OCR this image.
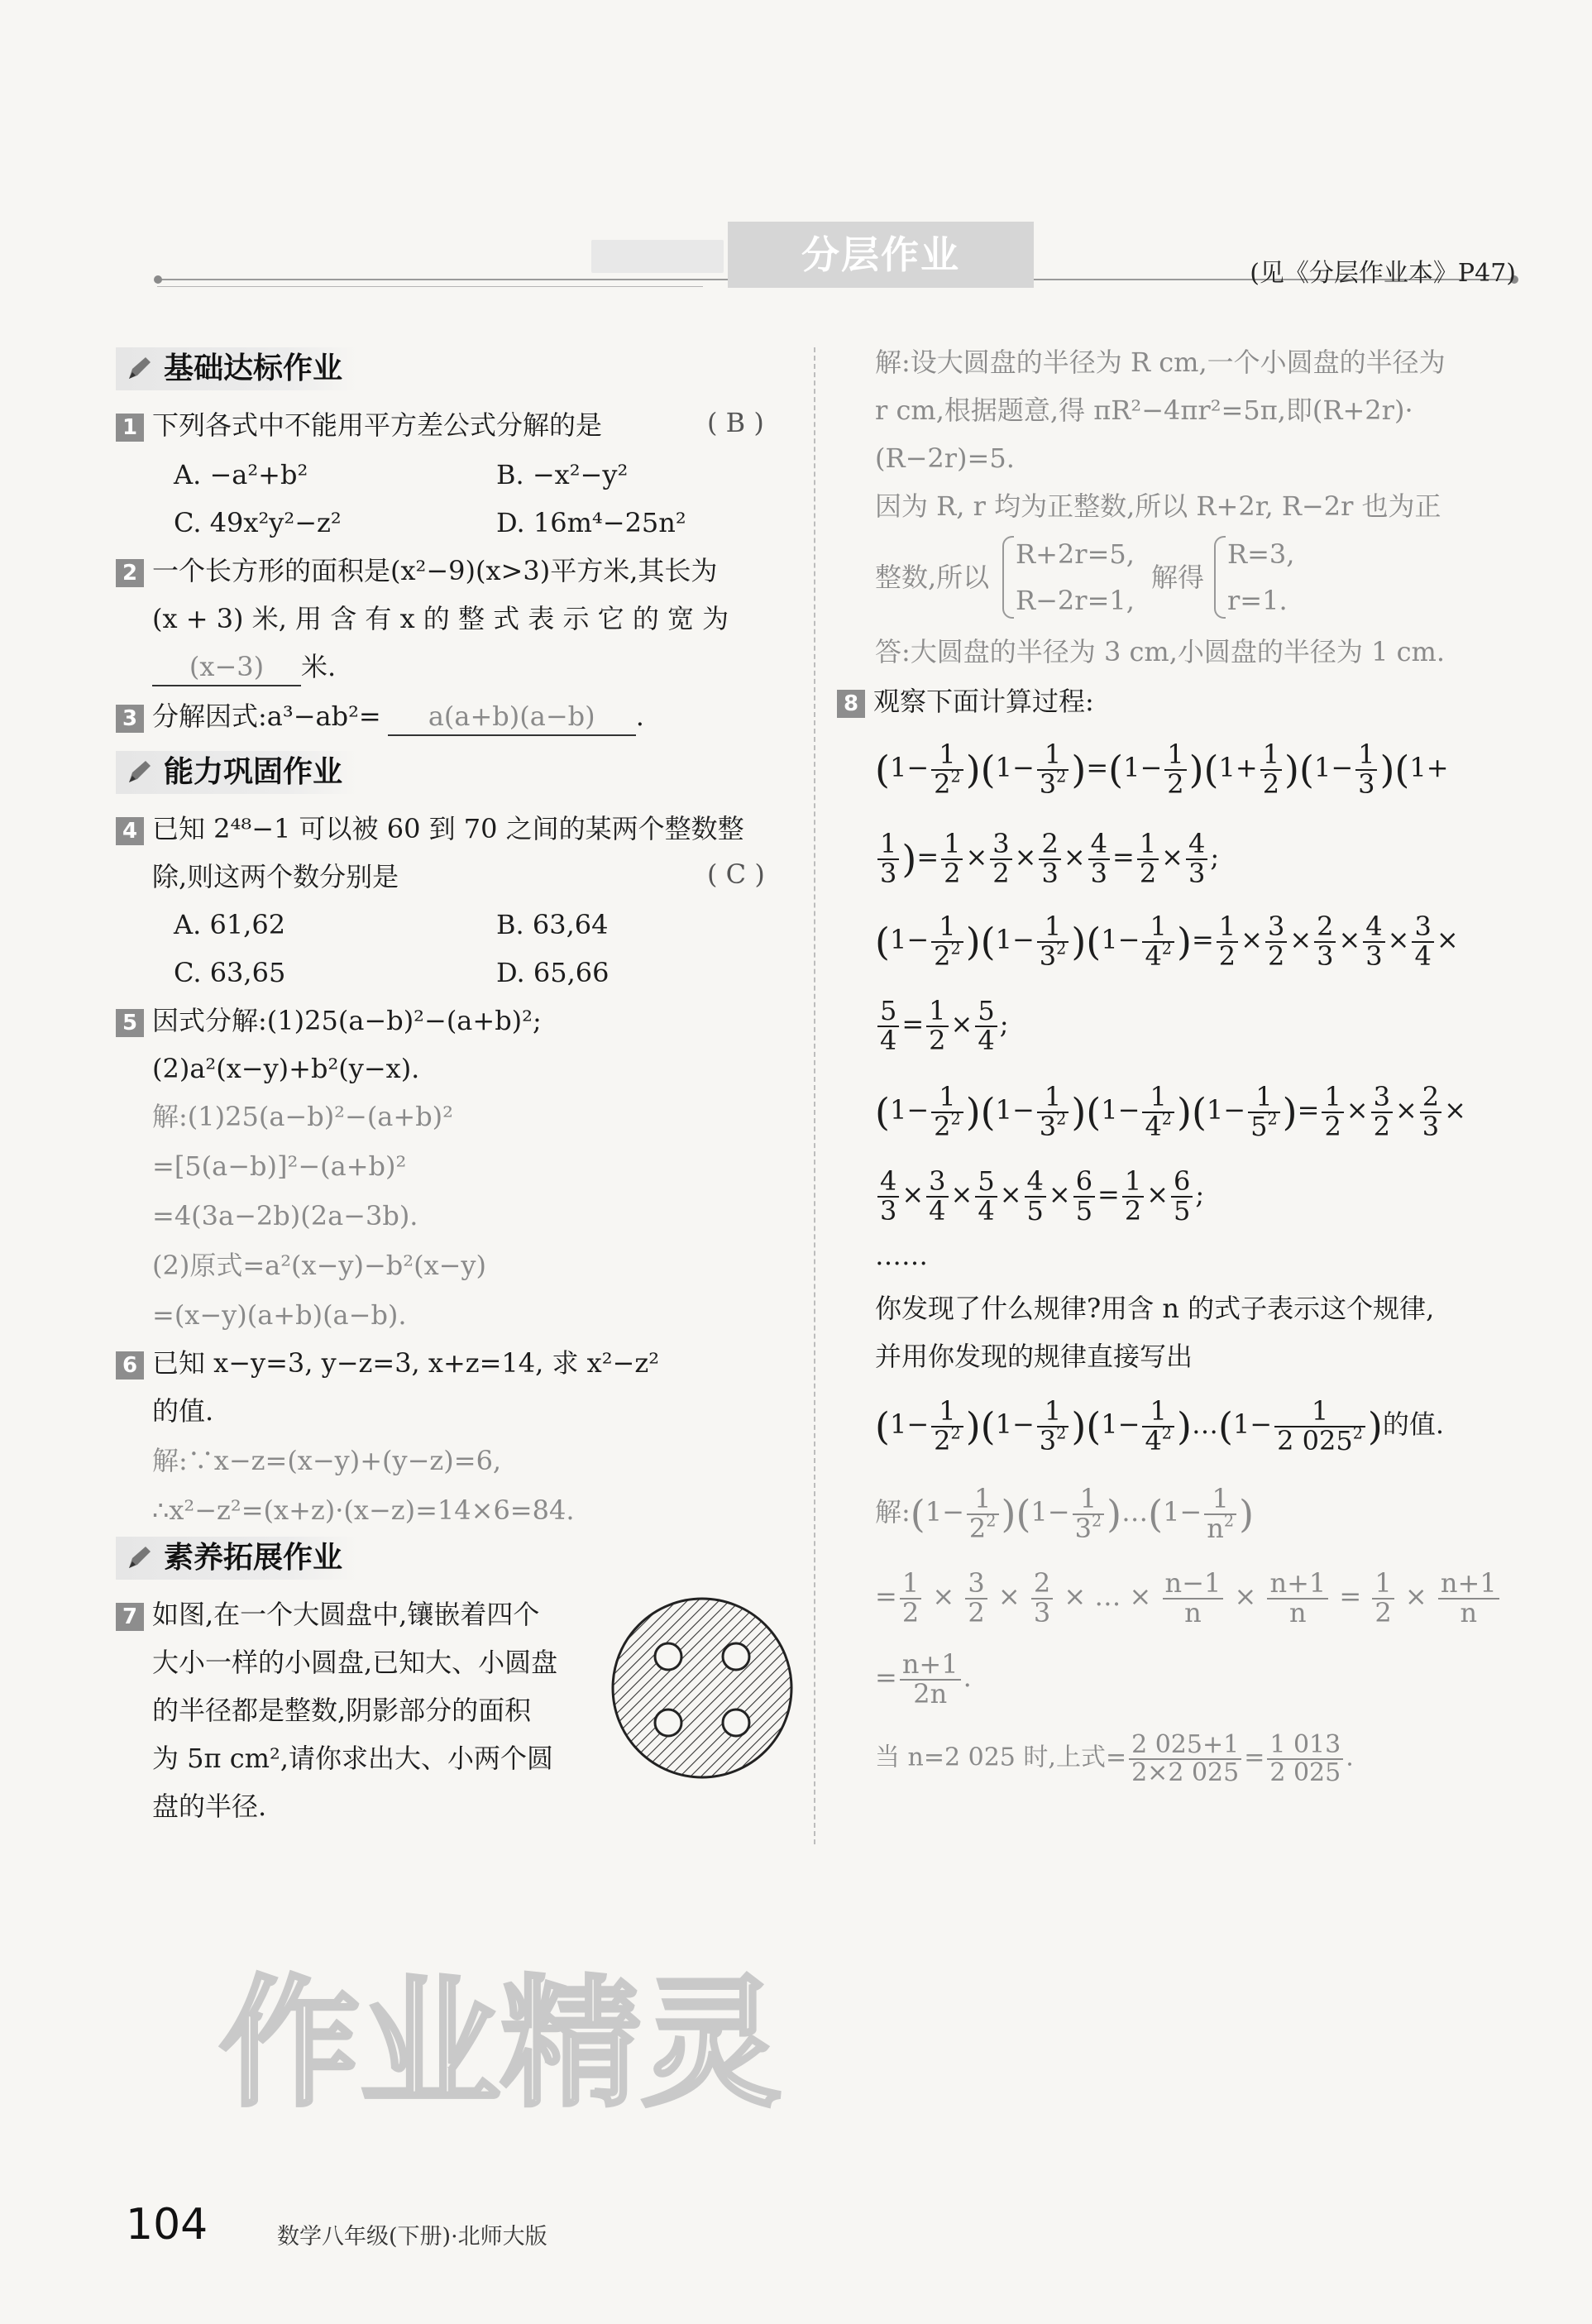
分层作业	(见《分层作业本》P47)
基础达标作业
1 下列各式中不能用平方差公式分解的是	( B )
A. −a²+b²	B. −x²−y²
C. 49x²y²−z²	D. 16m⁴−25n²
2 一个长方形的面积是(x²−9)(x>3)平方米,其长为
(x + 3) 米, 用 含 有 x 的 整 式 表 示 它 的 宽 为
(x−3) 米.
3 分解因式:a³−ab²= a(a+b)(a−b) .
能力巩固作业
4 已知 2⁴⁸−1 可以被 60 到 70 之间的某两个整数整
除,则这两个数分别是	( C )
A. 61,62	B. 63,64
C. 63,65	D. 65,66
5 因式分解:(1)25(a−b)²−(a+b)²;
(2)a²(x−y)+b²(y−x).
解:(1)25(a−b)²−(a+b)²
=[5(a−b)]²−(a+b)²
=4(3a−2b)(2a−3b).
(2)原式=a²(x−y)−b²(x−y)
=(x−y)(a+b)(a−b).
6 已知 x−y=3, y−z=3, x+z=14, 求 x²−z²
的值.
解:∵x−z=(x−y)+(y−z)=6,
∴x²−z²=(x+z)·(x−z)=14×6=84.
素养拓展作业
7 如图,在一个大圆盘中,镶嵌着四个
大小一样的小圆盘,已知大、小圆盘
的半径都是整数,阴影部分的面积
为 5π cm²,请你求出大、小两个圆
盘的半径.
解:设大圆盘的半径为 R cm,一个小圆盘的半径为
r cm,根据题意,得 πR²−4πr²=5π,即(R+2r)·
(R−2r)=5.
因为 R, r 均为正整数,所以 R+2r, R−2r 也为正
整数,所以
R+2r=5,
R−2r=1,
解得
R=3,
r=1.
答:大圆盘的半径为 3 cm,小圆盘的半径为 1 cm.
8 观察下面计算过程:
$(1- \frac{1}{2^2} )(1- \frac{1}{3^2} )=(1- \frac{1}{2} )(1+ \frac{1}{2} )(1- \frac{1}{3} )(1+$
$\frac{1}{3}$ )= $\frac{1}{2} \times \frac{3}{2} \times \frac{2}{3} \times \frac{4}{3} = \frac{1}{2} \times \frac{4}{3}$ ;
$(1- \frac{1}{2^2} )(1- \frac{1}{3^2} )(1- \frac{1}{4^2}$ )= $\frac{1}{2} \times \frac{3}{2} \times \frac{2}{3} \times \frac{4}{3} \times \frac{3}{4}$ ×
$\frac{5}{4} = \frac{1}{2} \times \frac{5}{4}$ ;
$(1- \frac{1}{2^2} )(1- \frac{1}{3^2} )(1- \frac{1}{4^2} )(1- \frac{1}{5^2}$ )= $\frac{1}{2} \times \frac{3}{2} \times \frac{2}{3}$ ×
$\frac{4}{3} \times \frac{3}{4} \times \frac{5}{4} \times \frac{4}{5} \times \frac{6}{5} = \frac{1}{2} \times \frac{6}{5}$ ;
……
你发现了什么规律?用含 n 的式子表示这个规律,
并用你发现的规律直接写出
$(1- \frac{1}{2^2} )(1- \frac{1}{3^2} )(1- \frac{1}{4^2}$ )…(1− $\frac{1}{2 025^2}$ )的值.
解:(1− $\frac{1}{2^2} )(1- \frac{1}{3^2}$ )…(1− $\frac{1}{n^2}$ )
= $\frac{1}{2} \times \frac{3}{2} \times \frac{2}{3}$ × … × $\frac{n-1}{n} \times \frac{n+1}{n} = \frac{1}{2} \times \frac{n+1}{n}$
= $\frac{n+1}{2n}$ .
当 n=2 025 时,上式= $\frac{2 025+1}{2\times 2 025} = \frac{1 013}{2 025}$ .
作业精灵
104	数学八年级(下册)·北师大版
